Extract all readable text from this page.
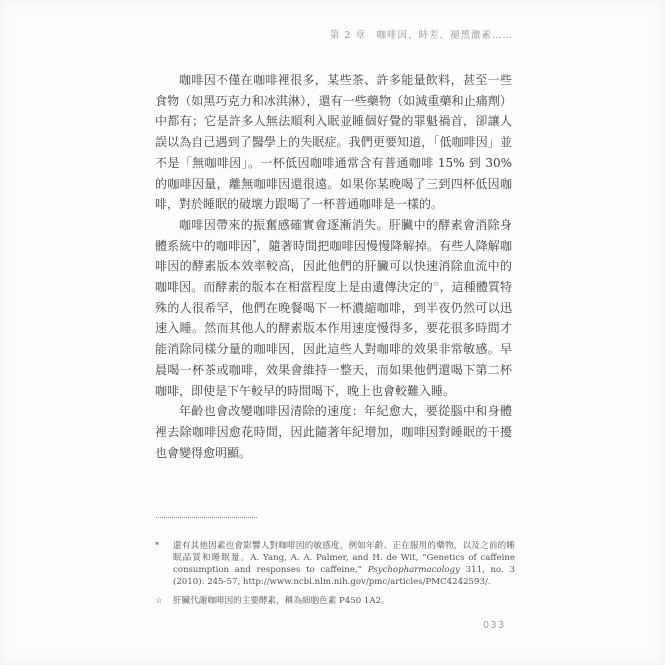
第 2 章　咖啡因、時差、褪黑激素……

咖啡因不僅在咖啡裡很多，某些茶、許多能量飲料，甚至一些食物（如黑巧克力和冰淇淋），還有一些藥物（如減重藥和止痛劑）中都有；它是許多人無法順利入眠並睡個好覺的罪魁禍首，卻讓人誤以為自己遇到了醫學上的失眠症。我們更要知道，「低咖啡因」並不是「無咖啡因」。一杯低因咖啡通常含有普通咖啡 15% 到 30% 的咖啡因量，離無咖啡因還很遠。如果你某晚喝了三到四杯低因咖啡，對於睡眠的破壞力跟喝了一杯普通咖啡是一樣的。

咖啡因帶來的振奮感確實會逐漸消失。肝臟中的酵素會消除身體系統中的咖啡因*，隨著時間把咖啡因慢慢降解掉。有些人降解咖啡因的酵素版本效率較高，因此他們的肝臟可以快速消除血流中的咖啡因。而酵素的版本在相當程度上是由遺傳決定的☆，這種體質特殊的人很希罕，他們在晚餐喝下一杯濃縮咖啡，到半夜仍然可以迅速入睡。然而其他人的酵素版本作用速度慢得多，要花很多時間才能消除同樣分量的咖啡因，因此這些人對咖啡的效果非常敏感。早晨喝一杯茶或咖啡，效果會維持一整天，而如果他們還喝下第二杯咖啡，即使是下午較早的時間喝下，晚上也會較難入睡。

年齡也會改變咖啡因清除的速度：年紀愈大，要從腦中和身體裡去除咖啡因愈花時間，因此隨著年紀增加，咖啡因對睡眠的干擾也會變得愈明顯。

*	還有其他因素也會影響人對咖啡因的敏感度，例如年齡、正在服用的藥物，以及之前的睡眠品質和睡眠量。A. Yang, A. A. Palmer, and H. de Wit, “Genetics of caffeine consumption and responses to caffeine,” Psychopharmacology 311, no. 3 (2010): 245-57, http://www.ncbi.nlm.nih.gov/pmc/articles/PMC4242593/.
☆	肝臟代謝咖啡因的主要酵素，稱為細胞色素 P450 1A2。
033
